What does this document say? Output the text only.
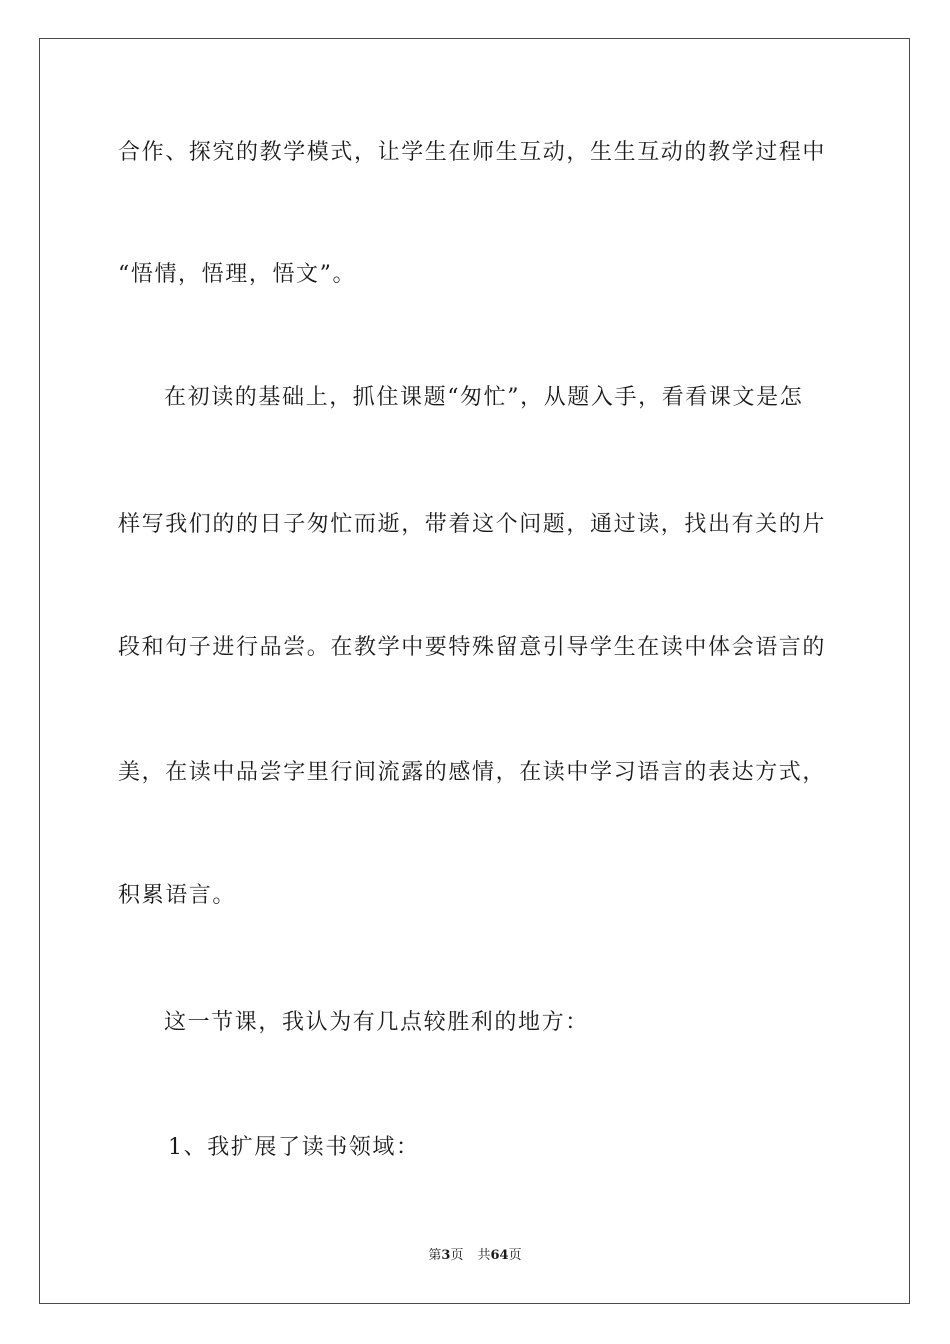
合作、探究的教学模式，让学生在师生互动，生生互动的教学过程中
“悟情，悟理，悟文”。
在初读的基础上，抓住课题“匆忙”，从题入手，看看课文是怎
样写我们的的日子匆忙而逝，带着这个问题，通过读，找出有关的片
段和句子进行品尝。在教学中要特殊留意引导学生在读中体会语言的
美，在读中品尝字里行间流露的感情，在读中学习语言的表达方式，
积累语言。
这一节课，我认为有几点较胜利的地方：
1、我扩展了读书领域：
第3页 共64页
